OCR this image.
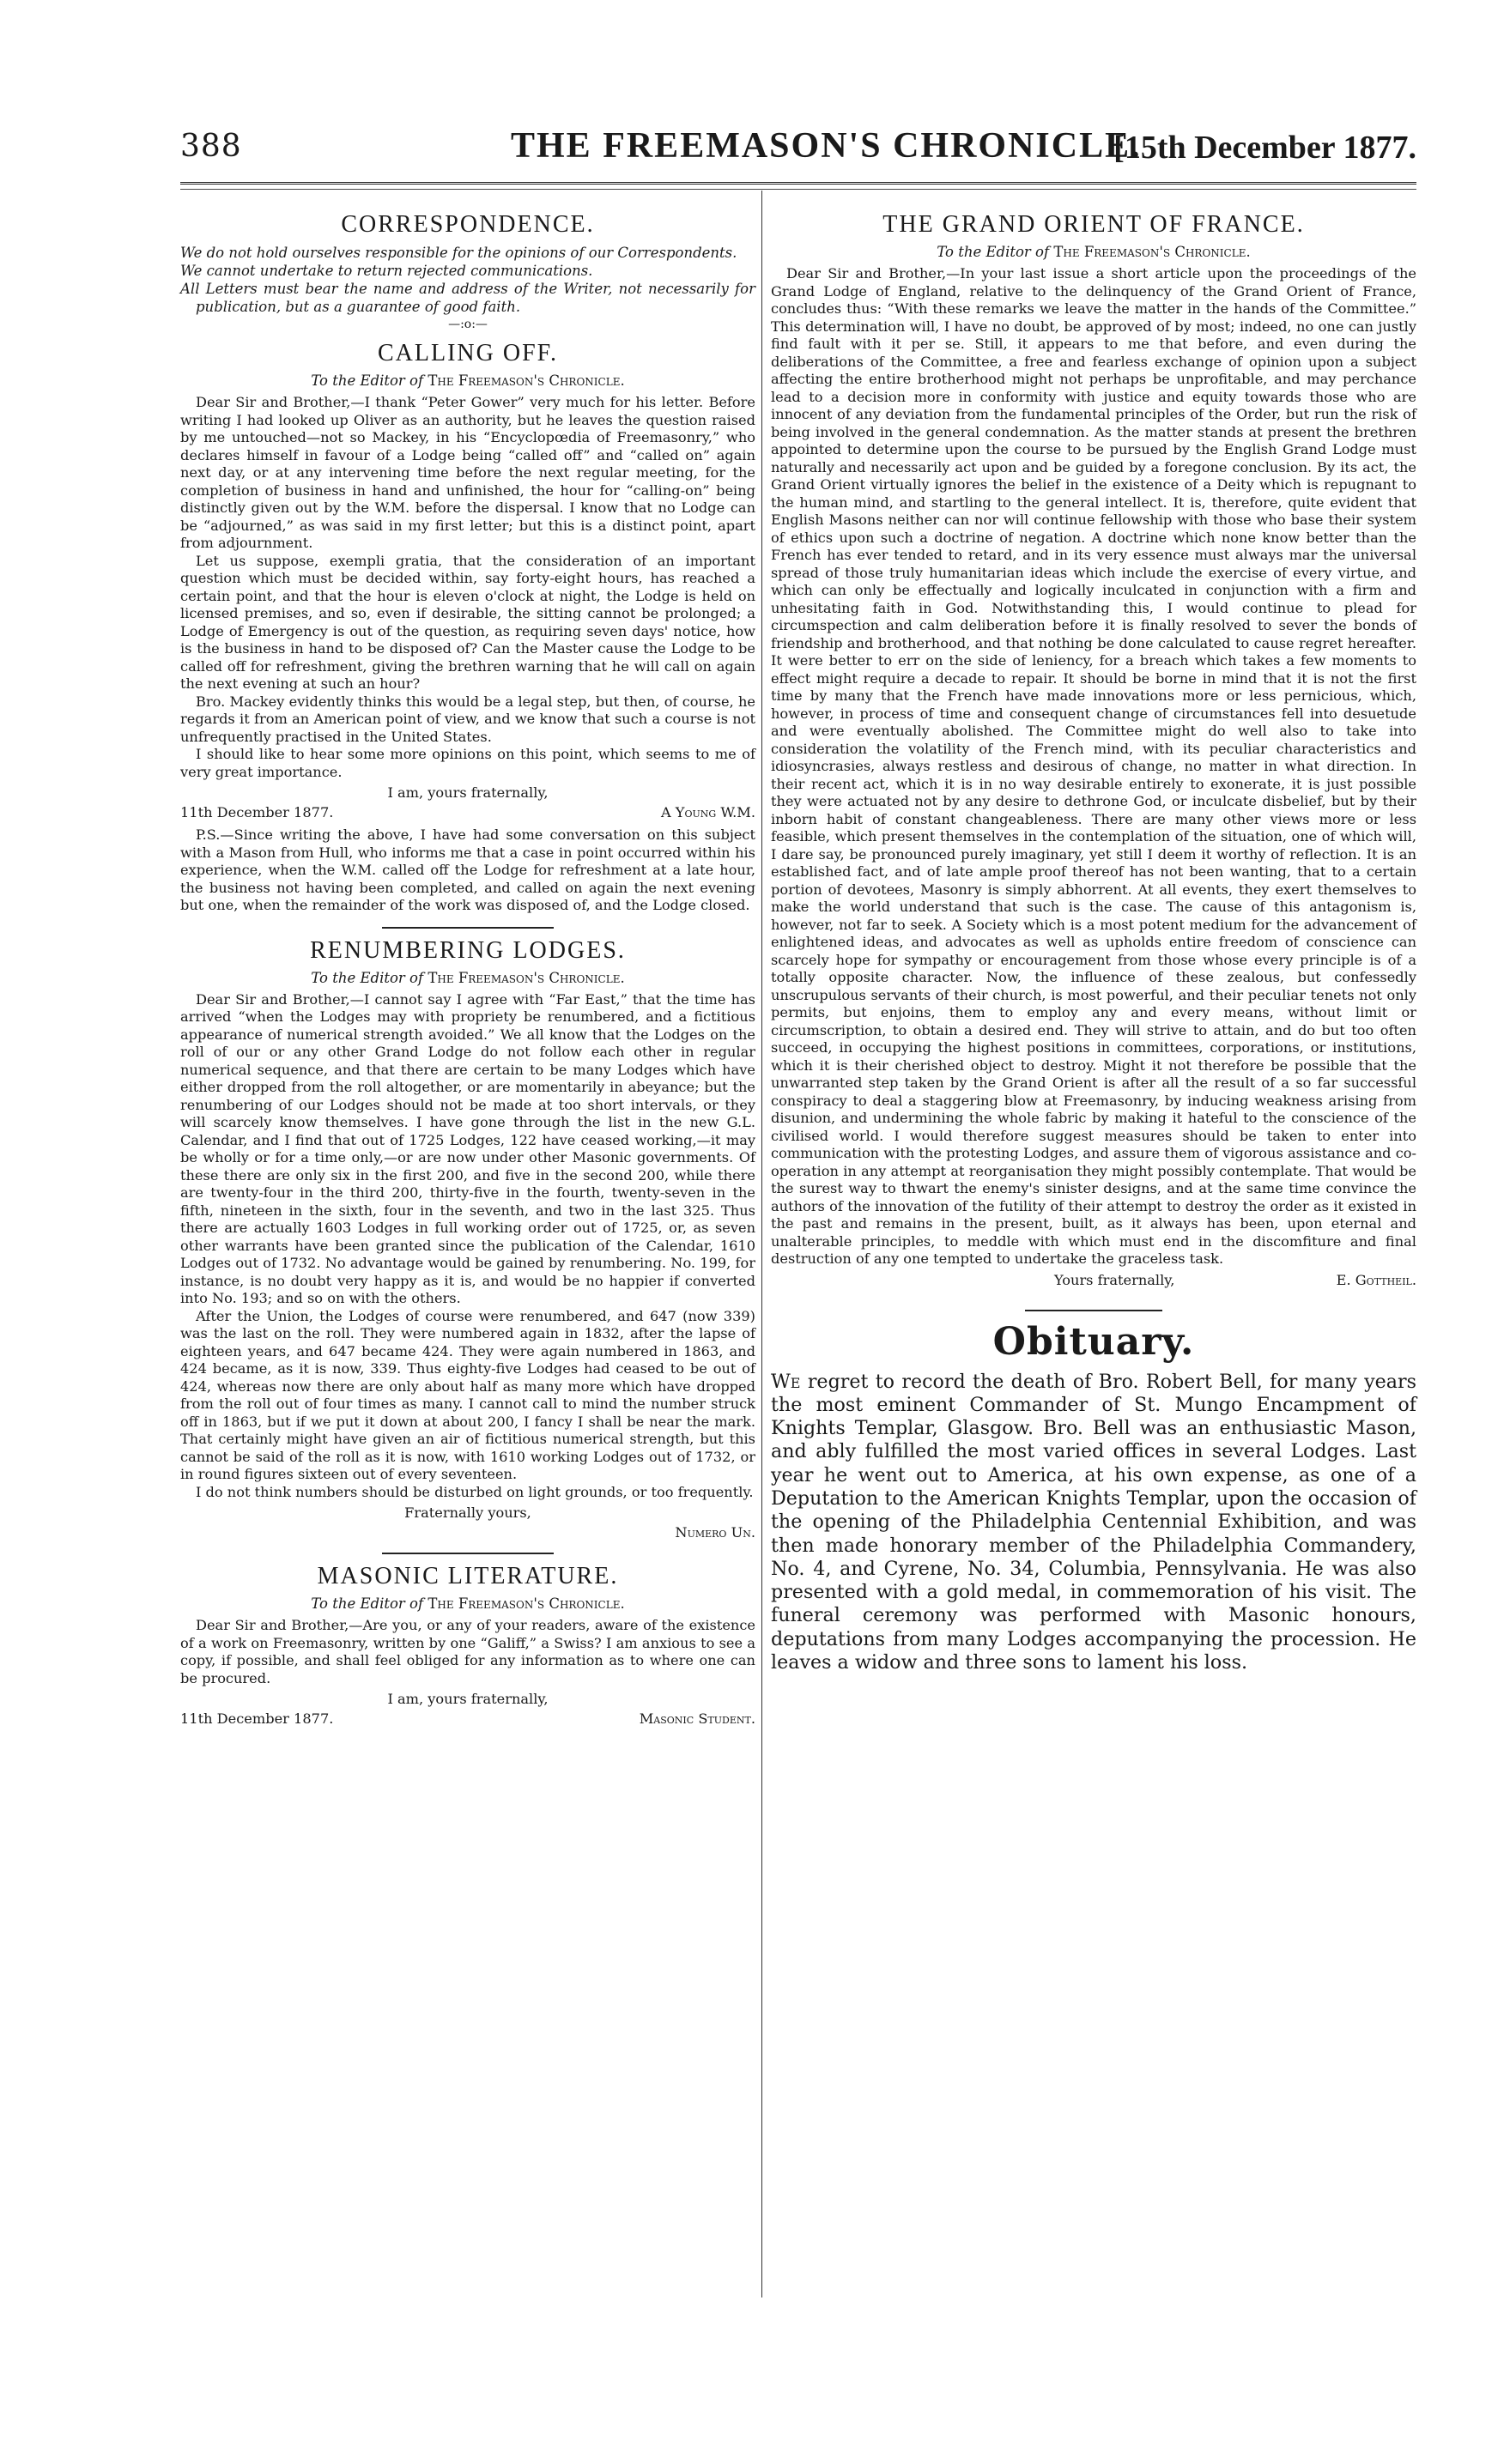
388	THE FREEMASON'S CHRONICLE.
[15th December 1877.
CORRESPONDENCE.

We do not hold ourselves responsible for the opinions of our Correspondents.

We cannot undertake to return rejected communications.

All Letters must bear the name and address of the Writer, not necessarily for publication, but as a guarantee of good faith.

—:o:—
CALLING OFF.
To the Editor of The Freemason's Chronicle.

Dear Sir and Brother,—I thank “Peter Gower” very much for his letter. Before writing I had looked up Oliver as an authority, but he leaves the question raised by me untouched—not so Mackey, in his “Encyclopœdia of Freemasonry,” who declares himself in favour of a Lodge being “called off” and “called on” again next day, or at any intervening time before the next regular meeting, for the completion of business in hand and unfinished, the hour for “calling-on” being distinctly given out by the W.M. before the dispersal. I know that no Lodge can be “adjourned,” as was said in my first letter; but this is a distinct point, apart from adjournment.

Let us suppose, exempli gratia, that the consideration of an important question which must be decided within, say forty-eight hours, has reached a certain point, and that the hour is eleven o'clock at night, the Lodge is held on licensed premises, and so, even if desirable, the sitting cannot be prolonged; a Lodge of Emergency is out of the question, as requiring seven days' notice, how is the business in hand to be disposed of? Can the Master cause the Lodge to be called off for refreshment, giving the brethren warning that he will call on again the next evening at such an hour?

Bro. Mackey evidently thinks this would be a legal step, but then, of course, he regards it from an American point of view, and we know that such a course is not unfrequently practised in the United States.

I should like to hear some more opinions on this point, which seems to me of very great importance.

I am, yours fraternally,
11th December 1877.	A Young W.M.

P.S.—Since writing the above, I have had some conversation on this subject with a Mason from Hull, who informs me that a case in point occurred within his experience, when the W.M. called off the Lodge for refreshment at a late hour, the business not having been completed, and called on again the next evening but one, when the remainder of the work was disposed of, and the Lodge closed.

RENUMBERING LODGES.
To the Editor of The Freemason's Chronicle.

Dear Sir and Brother,—I cannot say I agree with “Far East,” that the time has arrived “when the Lodges may with propriety be renumbered, and a fictitious appearance of numerical strength avoided.” We all know that the Lodges on the roll of our or any other Grand Lodge do not follow each other in regular numerical sequence, and that there are certain to be many Lodges which have either dropped from the roll altogether, or are momentarily in abeyance; but the renumbering of our Lodges should not be made at too short intervals, or they will scarcely know themselves. I have gone through the list in the new G.L. Calendar, and I find that out of 1725 Lodges, 122 have ceased working,—it may be wholly or for a time only,—or are now under other Masonic governments. Of these there are only six in the first 200, and five in the second 200, while there are twenty-four in the third 200, thirty-five in the fourth, twenty-seven in the fifth, nineteen in the sixth, four in the seventh, and two in the last 325. Thus there are actually 1603 Lodges in full working order out of 1725, or, as seven other warrants have been granted since the publication of the Calendar, 1610 Lodges out of 1732. No advantage would be gained by renumbering. No. 199, for instance, is no doubt very happy as it is, and would be no happier if converted into No. 193; and so on with the others.

After the Union, the Lodges of course were renumbered, and 647 (now 339) was the last on the roll. They were numbered again in 1832, after the lapse of eighteen years, and 647 became 424. They were again numbered in 1863, and 424 became, as it is now, 339. Thus eighty-five Lodges had ceased to be out of 424, whereas now there are only about half as many more which have dropped from the roll out of four times as many. I cannot call to mind the number struck off in 1863, but if we put it down at about 200, I fancy I shall be near the mark. That certainly might have given an air of fictitious numerical strength, but this cannot be said of the roll as it is now, with 1610 working Lodges out of 1732, or in round figures sixteen out of every seventeen.

I do not think numbers should be disturbed on light grounds, or too frequently.

Fraternally yours,
Numero Un.
MASONIC LITERATURE.
To the Editor of The Freemason's Chronicle.

Dear Sir and Brother,—Are you, or any of your readers, aware of the existence of a work on Freemasonry, written by one “Galiff,” a Swiss? I am anxious to see a copy, if possible, and shall feel obliged for any information as to where one can be procured.

I am, yours fraternally,
11th December 1877.	Masonic Student.
THE GRAND ORIENT OF FRANCE.
To the Editor of The Freemason's Chronicle.

Dear Sir and Brother,—In your last issue a short article upon the proceedings of the Grand Lodge of England, relative to the delinquency of the Grand Orient of France, concludes thus: “With these remarks we leave the matter in the hands of the Committee.” This determination will, I have no doubt, be approved of by most; indeed, no one can justly find fault with it per se. Still, it appears to me that before, and even during the deliberations of the Committee, a free and fearless exchange of opinion upon a subject affecting the entire brotherhood might not perhaps be unprofitable, and may perchance lead to a decision more in conformity with justice and equity towards those who are innocent of any deviation from the fundamental principles of the Order, but run the risk of being involved in the general condemnation. As the matter stands at present the brethren appointed to determine upon the course to be pursued by the English Grand Lodge must naturally and necessarily act upon and be guided by a foregone conclusion. By its act, the Grand Orient virtually ignores the belief in the existence of a Deity which is repugnant to the human mind, and startling to the general intellect. It is, therefore, quite evident that English Masons neither can nor will continue fellowship with those who base their system of ethics upon such a doctrine of negation. A doctrine which none know better than the French has ever tended to retard, and in its very essence must always mar the universal spread of those truly humanitarian ideas which include the exercise of every virtue, and which can only be effectually and logically inculcated in conjunction with a firm and unhesitating faith in God. Notwithstanding this, I would continue to plead for circumspection and calm deliberation before it is finally resolved to sever the bonds of friendship and brotherhood, and that nothing be done calculated to cause regret hereafter. It were better to err on the side of leniency, for a breach which takes a few moments to effect might require a decade to repair. It should be borne in mind that it is not the first time by many that the French have made innovations more or less pernicious, which, however, in process of time and consequent change of circumstances fell into desuetude and were eventually abolished. The Committee might do well also to take into consideration the volatility of the French mind, with its peculiar characteristics and idiosyncrasies, always restless and desirous of change, no matter in what direction. In their recent act, which it is in no way desirable entirely to exonerate, it is just possible they were actuated not by any desire to dethrone God, or inculcate disbelief, but by their inborn habit of constant changeableness. There are many other views more or less feasible, which present themselves in the contemplation of the situation, one of which will, I dare say, be pronounced purely imaginary, yet still I deem it worthy of reflection. It is an established fact, and of late ample proof thereof has not been wanting, that to a certain portion of devotees, Masonry is simply abhorrent. At all events, they exert themselves to make the world understand that such is the case. The cause of this antagonism is, however, not far to seek. A Society which is a most potent medium for the advancement of enlightened ideas, and advocates as well as upholds entire freedom of conscience can scarcely hope for sympathy or encouragement from those whose every principle is of a totally opposite character. Now, the influence of these zealous, but confessedly unscrupulous servants of their church, is most powerful, and their peculiar tenets not only permits, but enjoins, them to employ any and every means, without limit or circumscription, to obtain a desired end. They will strive to attain, and do but too often succeed, in occupying the highest positions in committees, corporations, or institutions, which it is their cherished object to destroy. Might it not therefore be possible that the unwarranted step taken by the Grand Orient is after all the result of a so far successful conspiracy to deal a staggering blow at Freemasonry, by inducing weakness arising from disunion, and undermining the whole fabric by making it hateful to the conscience of the civilised world. I would therefore suggest measures should be taken to enter into communication with the protesting Lodges, and assure them of vigorous assistance and co-operation in any attempt at reorganisation they might possibly contemplate. That would be the surest way to thwart the enemy's sinister designs, and at the same time convince the authors of the innovation of the futility of their attempt to destroy the order as it existed in the past and remains in the present, built, as it always has been, upon eternal and unalterable principles, to meddle with which must end in the discomfiture and final destruction of any one tempted to undertake the graceless task.

Yours fraternally,	E. Gottheil.
Obituary.

We regret to record the death of Bro. Robert Bell, for many years the most eminent Commander of St. Mungo Encampment of Knights Templar, Glasgow. Bro. Bell was an enthusiastic Mason, and ably fulfilled the most varied offices in several Lodges. Last year he went out to America, at his own expense, as one of a Deputation to the American Knights Templar, upon the occasion of the opening of the Philadelphia Centennial Exhibition, and was then made honorary member of the Philadelphia Commandery, No. 4, and Cyrene, No. 34, Columbia, Pennsylvania. He was also presented with a gold medal, in commemoration of his visit. The funeral ceremony was performed with Masonic honours, deputations from many Lodges accompanying the procession. He leaves a widow and three sons to lament his loss.
